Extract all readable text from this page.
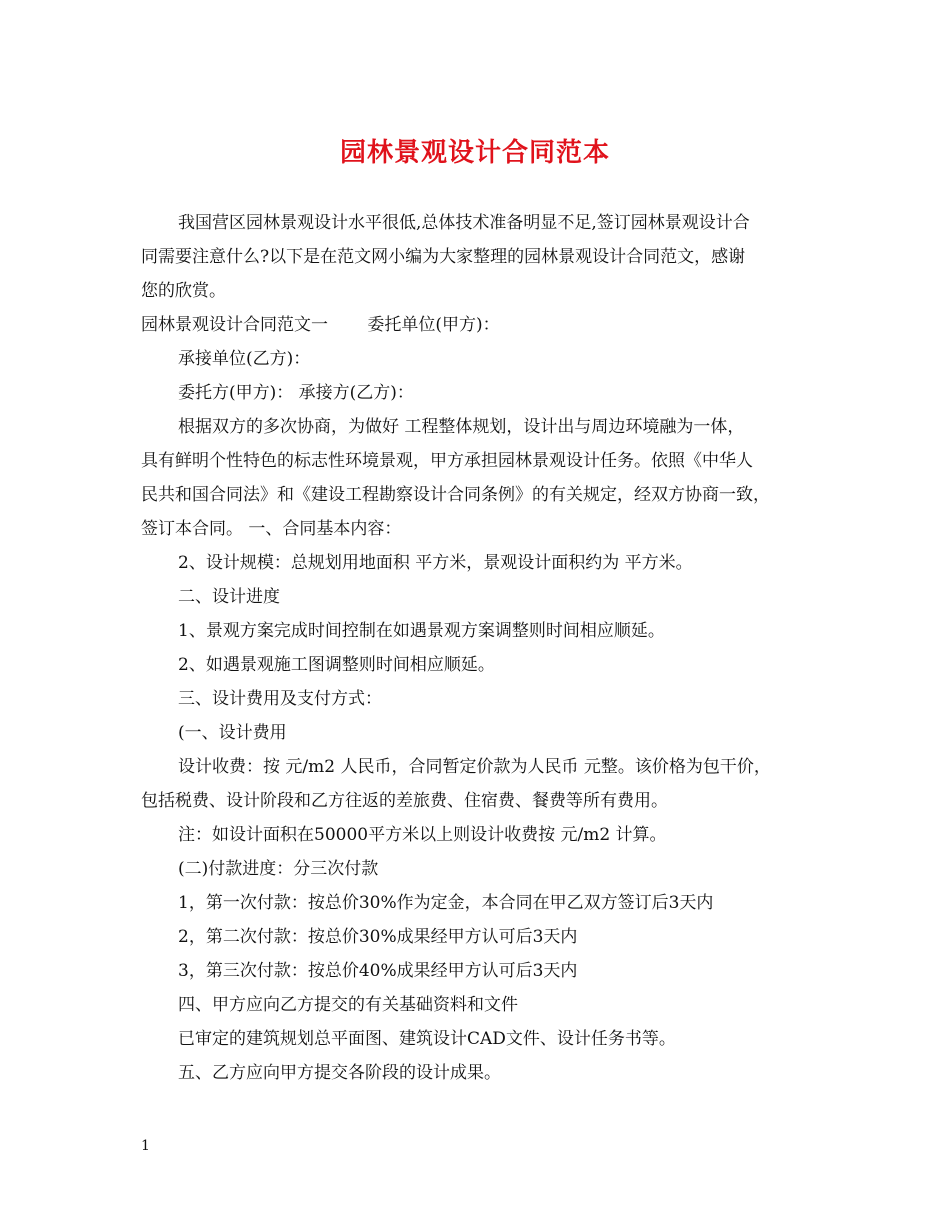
园林景观设计合同范本

我国营区园林景观设计水平很低,总体技术准备明显不足,签订园林景观设计合

同需要注意什么?以下是在范文网小编为大家整理的园林景观设计合同范文，感谢

您的欣赏。

园林景观设计合同范文一　　 委托单位(甲方)：

承接单位(乙方)：

委托方(甲方)： 承接方(乙方)：

根据双方的多次协商，为做好 工程整体规划，设计出与周边环境融为一体，

具有鲜明个性特色的标志性环境景观，甲方承担园林景观设计任务。依照《中华人

民共和国合同法》和《建设工程勘察设计合同条例》的有关规定，经双方协商一致，

签订本合同。 一、合同基本内容：

2、设计规模：总规划用地面积 平方米，景观设计面积约为 平方米。

二、设计进度

1、景观方案完成时间控制在如遇景观方案调整则时间相应顺延。

2、如遇景观施工图调整则时间相应顺延。

三、设计费用及支付方式：

(一、设计费用

设计收费：按 元/m2 人民币，合同暂定价款为人民币 元整。该价格为包干价，

包括税费、设计阶段和乙方往返的差旅费、住宿费、餐费等所有费用。

注：如设计面积在50000平方米以上则设计收费按 元/m2 计算。

(二)付款进度：分三次付款

1，第一次付款：按总价30%作为定金，本合同在甲乙双方签订后3天内

2，第二次付款：按总价30%成果经甲方认可后3天内

3，第三次付款：按总价40%成果经甲方认可后3天内

四、甲方应向乙方提交的有关基础资料和文件

已审定的建筑规划总平面图、建筑设计CAD文件、设计任务书等。

五、乙方应向甲方提交各阶段的设计成果。

1
